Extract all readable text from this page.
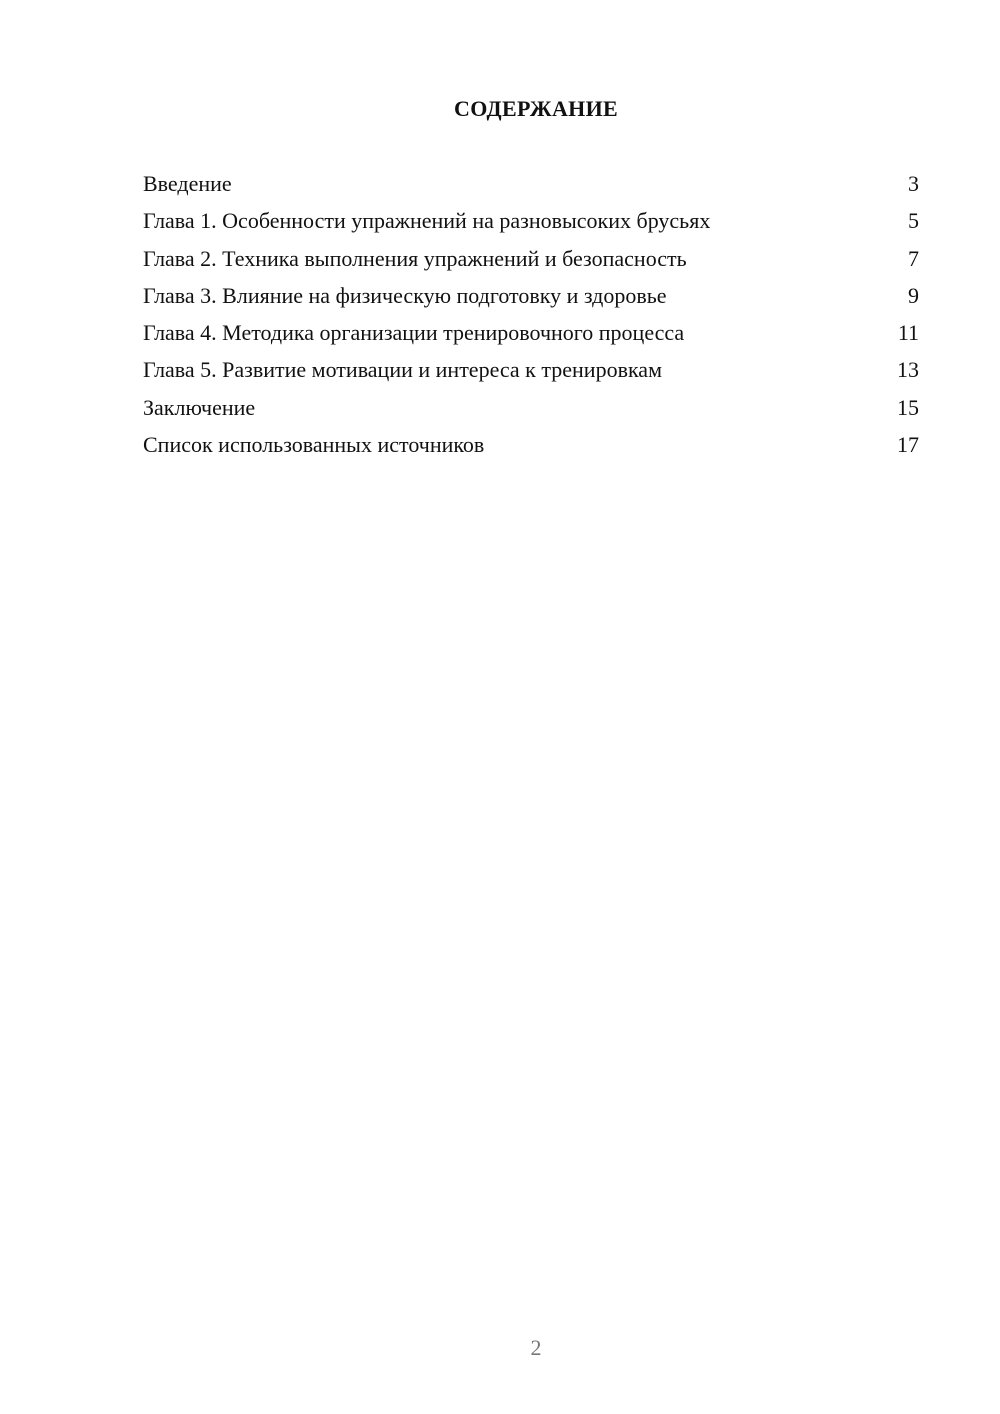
СОДЕРЖАНИЕ
Введение	3
Глава 1. Особенности упражнений на разновысоких брусьях	5
Глава 2. Техника выполнения упражнений и безопасность	7
Глава 3. Влияние на физическую подготовку и здоровье	9
Глава 4. Методика организации тренировочного процесса	11
Глава 5. Развитие мотивации и интереса к тренировкам	13
Заключение	15
Список использованных источников	17
2
